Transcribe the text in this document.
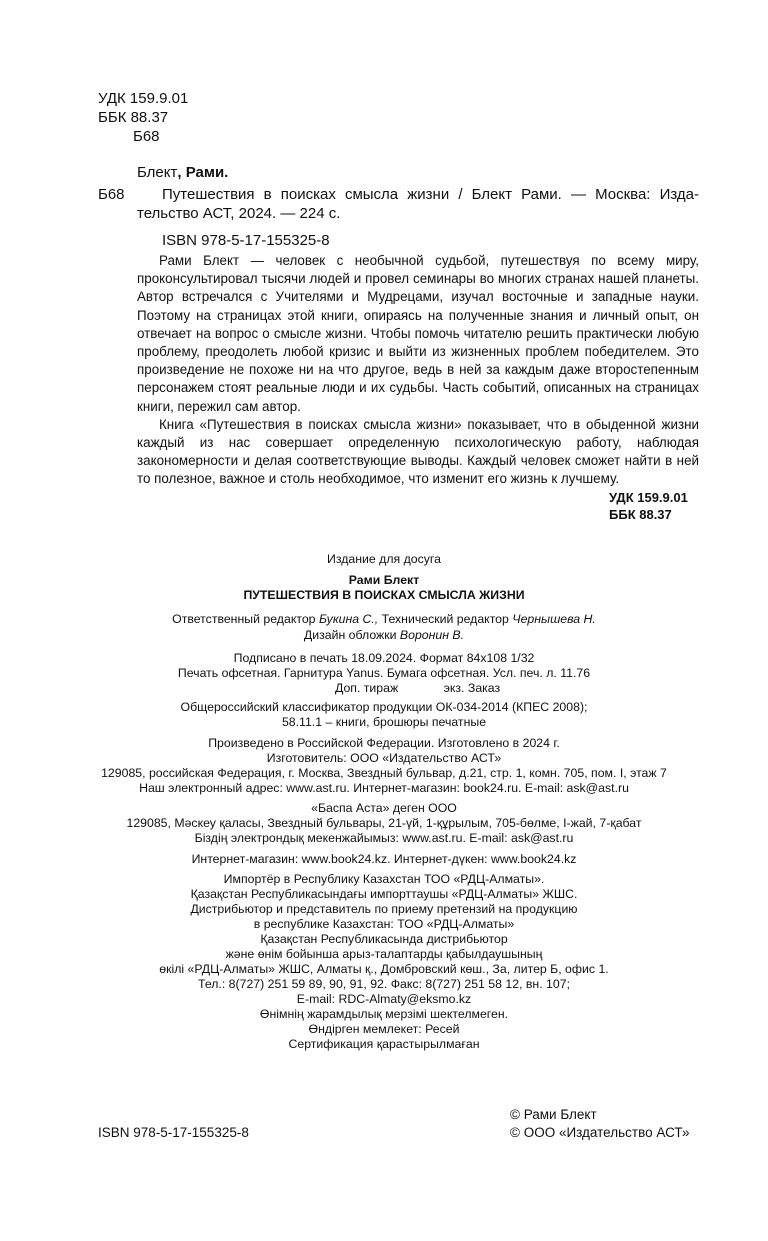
УДК 159.9.01
ББК 88.37
Б68
Блект, Рами.
Б68 Путешествия в поисках смысла жизни / Блект Рами. — Москва: Изда-
тельство АСТ, 2024. — 224 с.
ISBN 978-5-17-155325-8

Рами Блект — человек с необычной судьбой, путешествуя по всему миру, проконсультировал тысячи людей и провел семинары во многих странах нашей планеты. Автор встречался с Учителями и Мудрецами, изучал восточные и западные науки. Поэтому на страницах этой книги, опираясь на полученные знания и личный опыт, он отвечает на вопрос о смысле жизни. Чтобы помочь читателю решить практически любую проблему, преодолеть любой кризис и выйти из жизненных проблем победителем. Это произведение не похоже ни на что другое, ведь в ней за каждым даже второстепенным персонажем стоят реальные люди и их судьбы. Часть событий, описанных на страницах книги, пережил сам автор.

Книга «Путешествия в поисках смысла жизни» показывает, что в обыденной жизни каждый из нас совершает определенную психологическую работу, наблюдая закономерности и делая соответствующие выводы. Каждый человек сможет найти в ней то полезное, важное и столь необходимое, что изменит его жизнь к лучшему.

УДК 159.9.01
ББК 88.37
Издание для досуга
Рами Блект
ПУТЕШЕСТВИЯ В ПОИСКАХ СМЫСЛА ЖИЗНИ
Ответственный редактор Букина С., Технический редактор Чернышева Н.
Дизайн обложки Воронин В.
Подписано в печать 18.09.2024. Формат 84x108 1/32
Печать офсетная. Гарнитура Yanus. Бумага офсетная. Усл. печ. л. 11.76
Доп. тираж	экз. Заказ
Общероссийский классификатор продукции ОК-034-2014 (КПЕС 2008);
58.11.1 – книги, брошюры печатные
Произведено в Российской Федерации. Изготовлено в 2024 г.
Изготовитель: ООО «Издательство АСТ»
129085, российская Федерация, г. Москва, Звездный бульвар, д.21, стр. 1, комн. 705, пом. I, этаж 7
Наш электронный адрес: www.ast.ru. Интернет-магазин: book24.ru. E-mail: ask@ast.ru
«Баспа Аста» деген ООО
129085, Мәскеу қаласы, Звездный бульвары, 21-үй, 1-құрылым, 705-бөлме, I-жай, 7-қабат
Біздің электрондық мекенжайымыз: www.ast.ru. E-mail: ask@ast.ru
Интернет-магазин: www.book24.kz. Интернет-дүкен: www.book24.kz
Импортёр в Республику Казахстан ТОО «РДЦ-Алматы».
Қазақстан Республикасындағы импорттаушы «РДЦ-Алматы» ЖШС.
Дистрибьютор и представитель по приему претензий на продукцию
в республике Казахстан: ТОО «РДЦ-Алматы»
Қазақстан Республикасында дистрибьютор
және өнім бойынша арыз-талаптарды қабылдаушының
өкілі «РДЦ-Алматы» ЖШС, Алматы қ., Домбровский көш., За, литер Б, офис 1.
Тел.: 8(727) 251 59 89, 90, 91, 92. Факс: 8(727) 251 58 12, вн. 107;
E-mail: RDC-Almaty@eksmo.kz
Өнімнің жарамдылық мерзімі шектелмеген.
Өндірген мемлекет: Ресей
Сертификация қарастырылмаған
© Рами Блект
ISBN 978-5-17-155325-8	© ООО «Издательство АСТ»
